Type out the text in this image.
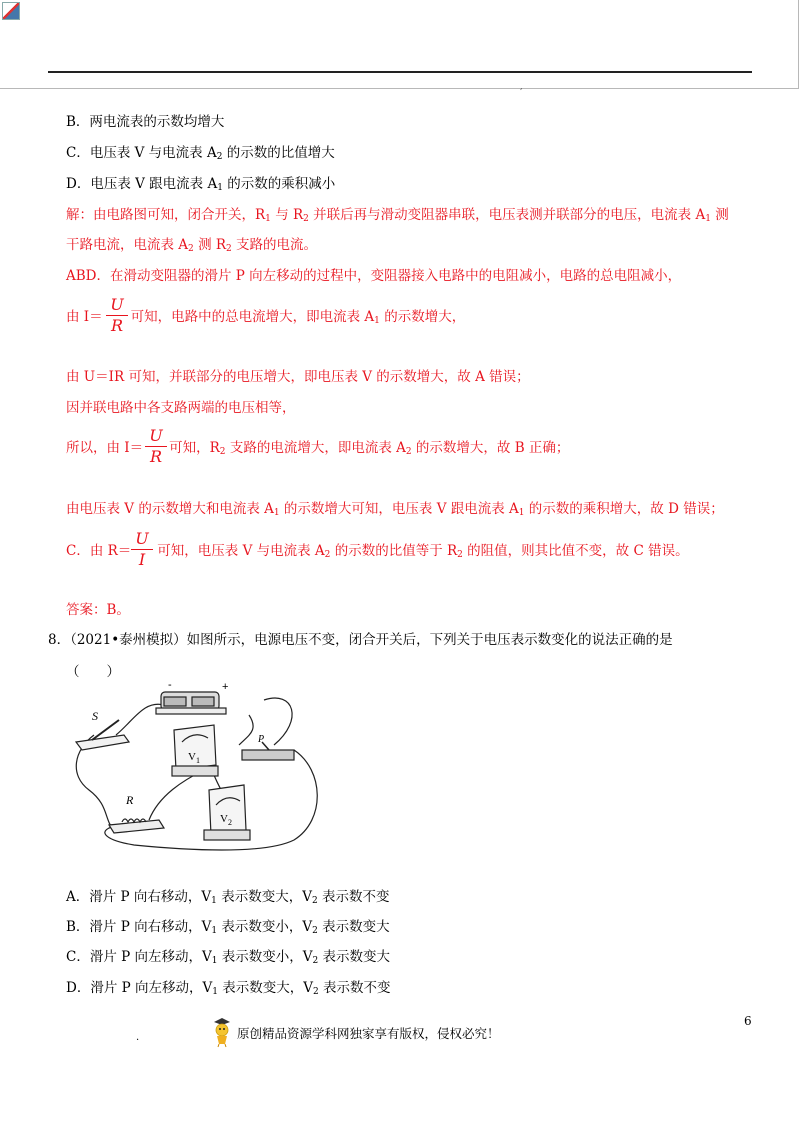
,
B．两电流表的示数均增大
C．电压表 V 与电流表 $A_2$ 的示数的比值增大
D．电压表 V 跟电流表 $A_1$ 的示数的乘积减小
解：由电路图可知，闭合开关，$R_1$ 与 $R_2$ 并联后再与滑动变阻器串联，电压表测并联部分的电压，电流表 $A_1$ 测
干路电流，电流表 $A_2$ 测 $R_2$ 支路的电流。
ABD．在滑动变阻器的滑片 P 向左移动的过程中，变阻器接入电路中的电阻减小，电路的总电阻减小，
由 I＝ 可知，电路中的总电流增大，即电流表 $A_1$ 的示数增大，
U
R
由 U＝IR 可知，并联部分的电压增大，即电压表 V 的示数增大，故 A 错误；
因并联电路中各支路两端的电压相等，
所以，由 I＝ 可知，$R_2$ 支路的电流增大，即电流表 $A_2$ 的示数增大，故 B 正确；
U
R
由电压表 V 的示数增大和电流表 $A_1$ 的示数增大可知，电压表 V 跟电流表 $A_1$ 的示数的乘积增大，故 D 错误；
C．由 R＝ 可知，电压表 V 与电流表 $A_2$ 的示数的比值等于 $R_2$ 的阻值，则其比值不变，故 C 错误。
U
I
答案：B。
8．（2021•泰州模拟）如图所示，电源电压不变，闭合开关后，下列关于电压表示数变化的说法正确的是
（　　）
S
-	+
P
R
$V_1$
$V_2$
A．滑片 P 向右移动，$V_1$ 表示数变大，$V_2$ 表示数不变
B．滑片 P 向右移动，$V_1$ 表示数变小，$V_2$ 表示数变大
C．滑片 P 向左移动，$V_1$ 表示数变小，$V_2$ 表示数变大
D．滑片 P 向左移动，$V_1$ 表示数变大，$V_2$ 表示数不变
6
.	原创精品资源学科网独家享有版权，侵权必究！
